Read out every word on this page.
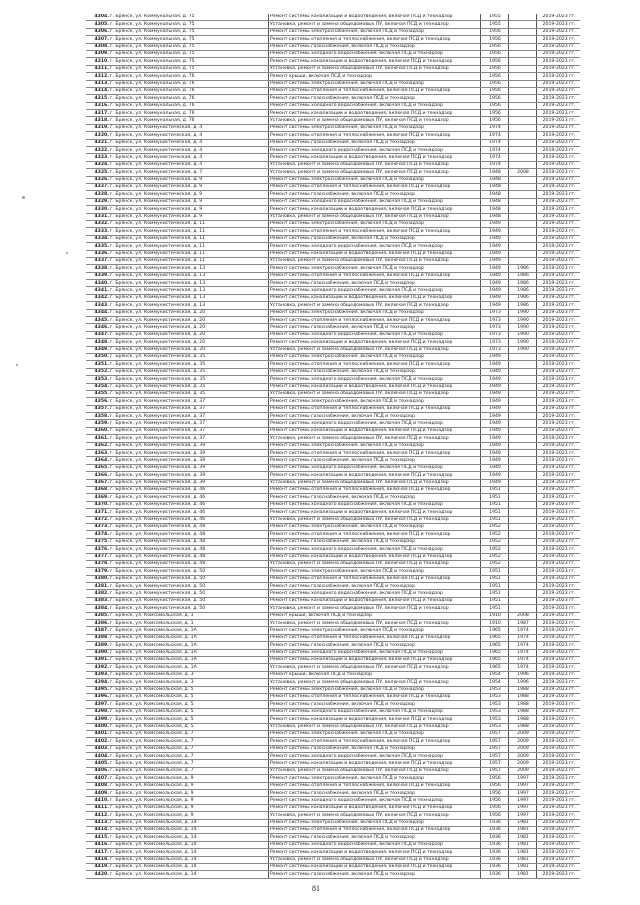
4304.	г. Брянск, ул. Коммунальная, д. 75	Ремонт системы канализации и водоотведения, включая ПСД и технадзор	1955		2019-2023 гг.
4305.	г. Брянск, ул. Коммунальная, д. 75	Установка, ремонт и замена общедомовых ПУ, включая ПСД и технадзор	1955		2019-2023 гг.
4306.	г. Брянск, ул. Коммунальная, д. 75	Ремонт системы электроснабжения, включая ПСД и технадзор	1956		2019-2023 гг.
4307.	г. Брянск, ул. Коммунальная, д. 75	Ремонт системы отопления и теплоснабжения, включая ПСД и технадзор	1956		2019-2023 гг.
4308.	г. Брянск, ул. Коммунальная, д. 75	Ремонт системы газоснабжения, включая ПСД и технадзор	1956		2019-2023 гг.
4309.	г. Брянск, ул. Коммунальная, д. 75	Ремонт системы холодного водоснабжения, включая ПСД и технадзор	1956		2019-2023 гг.
4310.	г. Брянск, ул. Коммунальная, д. 75	Ремонт системы канализации и водоотведения, включая ПСД и технадзор	1956		2019-2023 гг.
4311.	г. Брянск, ул. Коммунальная, д. 75	Установка, ремонт и замена общедомовых ПУ, включая ПСД и технадзор	1956		2019-2023 гг.
4312.	г. Брянск, ул. Коммунальная, д. 76	Ремонт крыши, включая ПСД и технадзор	1956		2019-2023 гг.
4313.	г. Брянск, ул. Коммунальная, д. 76	Ремонт системы электроснабжения, включая ПСД и технадзор	1956		2019-2023 гг.
4314.	г. Брянск, ул. Коммунальная, д. 76	Ремонт системы отопления и теплоснабжения, включая ПСД и технадзор	1956		2019-2023 гг.
4315.	г. Брянск, ул. Коммунальная, д. 76	Ремонт системы газоснабжения, включая ПСД и технадзор	1956		2019-2023 гг.
4316.	г. Брянск, ул. Коммунальная, д. 76	Ремонт системы холодного водоснабжения, включая ПСД и технадзор	1956		2019-2023 гг.
4317.	г. Брянск, ул. Коммунальная, д. 76	Ремонт системы канализации и водоотведения, включая ПСД и технадзор	1956		2019-2023 гг.
4318.	г. Брянск, ул. Коммунальная, д. 76	Установка, ремонт и замена общедомовых ПУ, включая ПСД и технадзор	1956		2019-2023 гг.
4319.	г. Брянск, ул. Коммунистическая, д. 4	Ремонт системы электроснабжения, включая ПСД и технадзор	1974		2019-2023 гг.
4320.	г. Брянск, ул. Коммунистическая, д. 4	Ремонт системы отопления и теплоснабжения, включая ПСД и технадзор	1974		2019-2023 гг.
4321.	г. Брянск, ул. Коммунистическая, д. 4	Ремонт системы газоснабжения, включая ПСД и технадзор	1974		2019-2023 гг.
4322.	г. Брянск, ул. Коммунистическая, д. 4	Ремонт системы холодного водоснабжения, включая ПСД и технадзор	1974		2019-2023 гг.
4323.	г. Брянск, ул. Коммунистическая, д. 4	Ремонт системы канализации и водоотведения, включая ПСД и технадзор	1974		2019-2023 гг.
4324.	г. Брянск, ул. Коммунистическая, д. 4	Установка, ремонт и замена общедомовых ПУ, включая ПСД и технадзор	1974		2019-2023 гг.
4325.	г. Брянск, ул. Коммунистическая, д. 7	Установка, ремонт и замена общедомовых ПУ, включая ПСД и технадзор	1948	2008	2019-2023 гг.
4326.	г. Брянск, ул. Коммунистическая, д. 9	Ремонт системы электроснабжения, включая ПСД и технадзор	1948		2019-2023 гг.
4327.	г. Брянск, ул. Коммунистическая, д. 9	Ремонт системы отопления и теплоснабжения, включая ПСД и технадзор	1948		2019-2023 гг.
4328.	г. Брянск, ул. Коммунистическая, д. 9	Ремонт системы газоснабжения, включая ПСД и технадзор	1948		2019-2023 гг.
4329.	г. Брянск, ул. Коммунистическая, д. 9	Ремонт системы холодного водоснабжения, включая ПСД и технадзор	1948		2019-2023 гг.
4330.	г. Брянск, ул. Коммунистическая, д. 9	Ремонт системы канализации и водоотведения, включая ПСД и технадзор	1948		2019-2023 гг.
4331.	г. Брянск, ул. Коммунистическая, д. 9	Установка, ремонт и замена общедомовых ПУ, включая ПСД и технадзор	1948		2019-2023 гг.
4332.	г. Брянск, ул. Коммунистическая, д. 11	Ремонт системы электроснабжения, включая ПСД и технадзор	1949		2019-2023 гг.
4333.	г. Брянск, ул. Коммунистическая, д. 11	Ремонт системы отопления и теплоснабжения, включая ПСД и технадзор	1949		2019-2023 гг.
4334.	г. Брянск, ул. Коммунистическая, д. 11	Ремонт системы газоснабжения, включая ПСД и технадзор	1949		2019-2023 гг.
4335.	г. Брянск, ул. Коммунистическая, д. 11	Ремонт системы холодного водоснабжения, включая ПСД и технадзор	1949		2019-2023 гг.
4336.	г. Брянск, ул. Коммунистическая, д. 11	Ремонт системы канализации и водоотведения, включая ПСД и технадзор	1949		2019-2023 гг.
4337.	г. Брянск, ул. Коммунистическая, д. 11	Установка, ремонт и замена общедомовых ПУ, включая ПСД и технадзор	1949		2019-2023 гг.
4338.	г. Брянск, ул. Коммунистическая, д. 13	Ремонт системы электроснабжения, включая ПСД и технадзор	1949	1986	2019-2023 гг.
4339.	г. Брянск, ул. Коммунистическая, д. 13	Ремонт системы отопления и теплоснабжения, включая ПСД и технадзор	1949	1986	2019-2023 гг.
4340.	г. Брянск, ул. Коммунистическая, д. 13	Ремонт системы газоснабжения, включая ПСД и технадзор	1949	1986	2019-2023 гг.
4341.	г. Брянск, ул. Коммунистическая, д. 13	Ремонт системы холодного водоснабжения, включая ПСД и технадзор	1949	1986	2019-2023 гг.
4342.	г. Брянск, ул. Коммунистическая, д. 13	Ремонт системы канализации и водоотведения, включая ПСД и технадзор	1949	1986	2019-2023 гг.
4343.	г. Брянск, ул. Коммунистическая, д. 13	Установка, ремонт и замена общедомовых ПУ, включая ПСД и технадзор	1949	1986	2019-2023 гг.
4344.	г. Брянск, ул. Коммунистическая, д. 20	Ремонт системы электроснабжения, включая ПСД и технадзор	1973	1990	2019-2023 гг.
4345.	г. Брянск, ул. Коммунистическая, д. 20	Ремонт системы отопления и теплоснабжения, включая ПСД и технадзор	1973	1990	2019-2023 гг.
4346.	г. Брянск, ул. Коммунистическая, д. 20	Ремонт системы газоснабжения, включая ПСД и технадзор	1973	1990	2019-2023 гг.
4347.	г. Брянск, ул. Коммунистическая, д. 20	Ремонт системы холодного водоснабжения, включая ПСД и технадзор	1973	1990	2019-2023 гг.
4348.	г. Брянск, ул. Коммунистическая, д. 20	Ремонт системы канализации и водоотведения, включая ПСД и технадзор	1973	1990	2019-2023 гг.
4349.	г. Брянск, ул. Коммунистическая, д. 20	Установка, ремонт и замена общедомовых ПУ, включая ПСД и технадзор	1973	1990	2019-2023 гг.
4350.	г. Брянск, ул. Коммунистическая, д. 35	Ремонт системы электроснабжения, включая ПСД и технадзор	1949		2019-2023 гг.
4351.	г. Брянск, ул. Коммунистическая, д. 35	Ремонт системы отопления и теплоснабжения, включая ПСД и технадзор	1949		2019-2023 гг.
4352.	г. Брянск, ул. Коммунистическая, д. 35	Ремонт системы газоснабжения, включая ПСД и технадзор	1949		2019-2023 гг.
4353.	г. Брянск, ул. Коммунистическая, д. 35	Ремонт системы холодного водоснабжения, включая ПСД и технадзор	1949		2019-2023 гг.
4354.	г. Брянск, ул. Коммунистическая, д. 35	Ремонт системы канализации и водоотведения, включая ПСД и технадзор	1949		2019-2023 гг.
4355.	г. Брянск, ул. Коммунистическая, д. 35	Установка, ремонт и замена общедомовых ПУ, включая ПСД и технадзор	1949		2019-2023 гг.
4356.	г. Брянск, ул. Коммунистическая, д. 37	Ремонт системы электроснабжения, включая ПСД и технадзор	1949		2019-2023 гг.
4357.	г. Брянск, ул. Коммунистическая, д. 37	Ремонт системы отопления и теплоснабжения, включая ПСД и технадзор	1949		2019-2023 гг.
4358.	г. Брянск, ул. Коммунистическая, д. 37	Ремонт системы газоснабжения, включая ПСД и технадзор	1949		2019-2023 гг.
4359.	г. Брянск, ул. Коммунистическая, д. 37	Ремонт системы холодного водоснабжения, включая ПСД и технадзор	1949		2019-2023 гг.
4360.	г. Брянск, ул. Коммунистическая, д. 37	Ремонт системы канализации и водоотведения, включая ПСД и технадзор	1949		2019-2023 гг.
4361.	г. Брянск, ул. Коммунистическая, д. 37	Установка, ремонт и замена общедомовых ПУ, включая ПСД и технадзор	1949		2019-2023 гг.
4362.	г. Брянск, ул. Коммунистическая, д. 39	Ремонт системы электроснабжения, включая ПСД и технадзор	1949		2019-2023 гг.
4363.	г. Брянск, ул. Коммунистическая, д. 39	Ремонт системы отопления и теплоснабжения, включая ПСД и технадзор	1949		2019-2023 гг.
4364.	г. Брянск, ул. Коммунистическая, д. 39	Ремонт системы газоснабжения, включая ПСД и технадзор	1949		2019-2023 гг.
4365.	г. Брянск, ул. Коммунистическая, д. 39	Ремонт системы холодного водоснабжения, включая ПСД и технадзор	1949		2019-2023 гг.
4366.	г. Брянск, ул. Коммунистическая, д. 39	Ремонт системы канализации и водоотведения, включая ПСД и технадзор	1949		2019-2023 гг.
4367.	г. Брянск, ул. Коммунистическая, д. 39	Установка, ремонт и замена общедомовых ПУ, включая ПСД и технадзор	1949		2019-2023 гг.
4368.	г. Брянск, ул. Коммунистическая, д. 46	Ремонт системы отопления и теплоснабжения, включая ПСД и технадзор	1951		2019-2023 гг.
4369.	г. Брянск, ул. Коммунистическая, д. 46	Ремонт системы газоснабжения, включая ПСД и технадзор	1951		2019-2023 гг.
4370.	г. Брянск, ул. Коммунистическая, д. 46	Ремонт системы холодного водоснабжения, включая ПСД и технадзор	1951		2019-2023 гг.
4371.	г. Брянск, ул. Коммунистическая, д. 46	Ремонт системы канализации и водоотведения, включая ПСД и технадзор	1951		2019-2023 гг.
4372.	г. Брянск, ул. Коммунистическая, д. 46	Установка, ремонт и замена общедомовых ПУ, включая ПСД и технадзор	1951		2019-2023 гг.
4373.	г. Брянск, ул. Коммунистическая, д. 48	Ремонт системы электроснабжения, включая ПСД и технадзор	1952		2019-2023 гг.
4374.	г. Брянск, ул. Коммунистическая, д. 48	Ремонт системы отопления и теплоснабжения, включая ПСД и технадзор	1952		2019-2023 гг.
4375.	г. Брянск, ул. Коммунистическая, д. 48	Ремонт системы газоснабжения, включая ПСД и технадзор	1952		2019-2023 гг.
4376.	г. Брянск, ул. Коммунистическая, д. 48	Ремонт системы холодного водоснабжения, включая ПСД и технадзор	1952		2019-2023 гг.
4377.	г. Брянск, ул. Коммунистическая, д. 48	Ремонт системы канализации и водоотведения, включая ПСД и технадзор	1952		2019-2023 гг.
4378.	г. Брянск, ул. Коммунистическая, д. 48	Установка, ремонт и замена общедомовых ПУ, включая ПСД и технадзор	1952		2019-2023 гг.
4379.	г. Брянск, ул. Коммунистическая, д. 50	Ремонт системы электроснабжения, включая ПСД и технадзор	1951		2019-2023 гг.
4380.	г. Брянск, ул. Коммунистическая, д. 50	Ремонт системы отопления и теплоснабжения, включая ПСД и технадзор	1951		2019-2023 гг.
4381.	г. Брянск, ул. Коммунистическая, д. 50	Ремонт системы газоснабжения, включая ПСД и технадзор	1951		2019-2023 гг.
4382.	г. Брянск, ул. Коммунистическая, д. 50	Ремонт системы холодного водоснабжения, включая ПСД и технадзор	1951		2019-2023 гг.
4383.	г. Брянск, ул. Коммунистическая, д. 50	Ремонт системы канализации и водоотведения, включая ПСД и технадзор	1951		2019-2023 гг.
4384.	г. Брянск, ул. Коммунистическая, д. 50	Установка, ремонт и замена общедомовых ПУ, включая ПСД и технадзор	1951		2019-2023 гг.
4385.	г. Брянск, ул. Комсомольская, д. 1	Ремонт крыши, включая ПСД и технадзор	1910	2008	2019-2023 гг.
4386.	г. Брянск, ул. Комсомольская, д. 1	Установка, ремонт и замена общедомовых ПУ, включая ПСД и технадзор	1910	1987	2019-2023 гг.
4387.	г. Брянск, ул. Комсомольская, д. 1А	Ремонт системы электроснабжения, включая ПСД и технадзор	1965	1974	2019-2023 гг.
4388.	г. Брянск, ул. Комсомольская, д. 1А	Ремонт системы отопления и теплоснабжения, включая ПСД и технадзор	1965	1974	2019-2023 гг.
4389.	г. Брянск, ул. Комсомольская, д. 1А	Ремонт системы газоснабжения, включая ПСД и технадзор	1965	1974	2019-2023 гг.
4390.	г. Брянск, ул. Комсомольская, д. 1А	Ремонт системы холодного водоснабжения, включая ПСД и технадзор	1965	1974	2019-2023 гг.
4391.	г. Брянск, ул. Комсомольская, д. 1А	Ремонт системы канализации и водоотведения, включая ПСД и технадзор	1965	1974	2019-2023 гг.
4392.	г. Брянск, ул. Комсомольская, д. 1А	Установка, ремонт и замена общедомовых ПУ, включая ПСД и технадзор	1965	1974	2019-2023 гг.
4393.	г. Брянск, ул. Комсомольская, д. 3	Ремонт крыши, включая ПСД и технадзор	1954	1996	2019-2023 гг.
4394.	г. Брянск, ул. Комсомольская, д. 3	Установка, ремонт и замена общедомовых ПУ, включая ПСД и технадзор	1954	1996	2019-2023 гг.
4395.	г. Брянск, ул. Комсомольская, д. 5	Ремонт системы электроснабжения, включая ПСД и технадзор	1953	1988	2019-2023 гг.
4396.	г. Брянск, ул. Комсомольская, д. 5	Ремонт системы отопления и теплоснабжения, включая ПСД и технадзор	1953	1988	2019-2023 гг.
4397.	г. Брянск, ул. Комсомольская, д. 5	Ремонт системы газоснабжения, включая ПСД и технадзор	1953	1988	2019-2023 гг.
4398.	г. Брянск, ул. Комсомольская, д. 5	Ремонт системы холодного водоснабжения, включая ПСД и технадзор	1953	1988	2019-2023 гг.
4399.	г. Брянск, ул. Комсомольская, д. 5	Ремонт системы канализации и водоотведения, включая ПСД и технадзор	1953	1988	2019-2023 гг.
4400.	г. Брянск, ул. Комсомольская, д. 5	Установка, ремонт и замена общедомовых ПУ, включая ПСД и технадзор	1953	1988	2019-2023 гг.
4401.	г. Брянск, ул. Комсомольская, д. 7	Ремонт системы электроснабжения, включая ПСД и технадзор	1957	2009	2019-2023 гг.
4402.	г. Брянск, ул. Комсомольская, д. 7	Ремонт системы отопления и теплоснабжения, включая ПСД и технадзор	1957	2009	2019-2023 гг.
4403.	г. Брянск, ул. Комсомольская, д. 7	Ремонт системы газоснабжения, включая ПСД и технадзор	1957	2009	2019-2023 гг.
4404.	г. Брянск, ул. Комсомольская, д. 7	Ремонт системы холодного водоснабжения, включая ПСД и технадзор	1957	2009	2019-2023 гг.
4405.	г. Брянск, ул. Комсомольская, д. 7	Ремонт системы канализации и водоотведения, включая ПСД и технадзор	1957	2009	2019-2023 гг.
4406.	г. Брянск, ул. Комсомольская, д. 7	Установка, ремонт и замена общедомовых ПУ, включая ПСД и технадзор	1957	2009	2019-2023 гг.
4407.	г. Брянск, ул. Комсомольская, д. 9	Ремонт системы электроснабжения, включая ПСД и технадзор	1956	1997	2019-2023 гг.
4408.	г. Брянск, ул. Комсомольская, д. 9	Ремонт системы отопления и теплоснабжения, включая ПСД и технадзор	1956	1997	2019-2023 гг.
4409.	г. Брянск, ул. Комсомольская, д. 9	Ремонт системы газоснабжения, включая ПСД и технадзор	1956	1997	2019-2023 гг.
4410.	г. Брянск, ул. Комсомольская, д. 9	Ремонт системы холодного водоснабжения, включая ПСД и технадзор	1956	1997	2019-2023 гг.
4411.	г. Брянск, ул. Комсомольская, д. 9	Ремонт системы канализации и водоотведения, включая ПСД и технадзор	1956	1997	2019-2023 гг.
4412.	г. Брянск, ул. Комсомольская, д. 9	Установка, ремонт и замена общедомовых ПУ, включая ПСД и технадзор	1956	1997	2019-2023 гг.
4413.	г. Брянск, ул. Комсомольская, д. 14	Ремонт системы электроснабжения, включая ПСД и технадзор	1936	1981	2019-2023 гг.
4414.	г. Брянск, ул. Комсомольская, д. 14	Ремонт системы отопления и теплоснабжения, включая ПСД и технадзор	1936	1981	2019-2023 гг.
4415.	г. Брянск, ул. Комсомольская, д. 14	Ремонт системы газоснабжения, включая ПСД и технадзор	1936	1981	2019-2023 гг.
4416.	г. Брянск, ул. Комсомольская, д. 14	Ремонт системы холодного водоснабжения, включая ПСД и технадзор	1936	1981	2019-2023 гг.
4417.	г. Брянск, ул. Комсомольская, д. 14	Ремонт системы канализации и водоотведения, включая ПСД и технадзор	1936	1981	2019-2023 гг.
4418.	г. Брянск, ул. Комсомольская, д. 14	Установка, ремонт и замена общедомовых ПУ, включая ПСД и технадзор	1936	1981	2019-2023 гг.
4419.	г. Брянск, ул. Комсомольская, д. 14	Ремонт системы канализации и водоотведения, включая ПСД и технадзор	1936	1981	2019-2023 гг.
4420.	г. Брянск, ул. Комсомольская, д. 14	Ремонт системы газоснабжения, включая ПСД и технадзор	1936	1981	2019-2023 гг.
81
